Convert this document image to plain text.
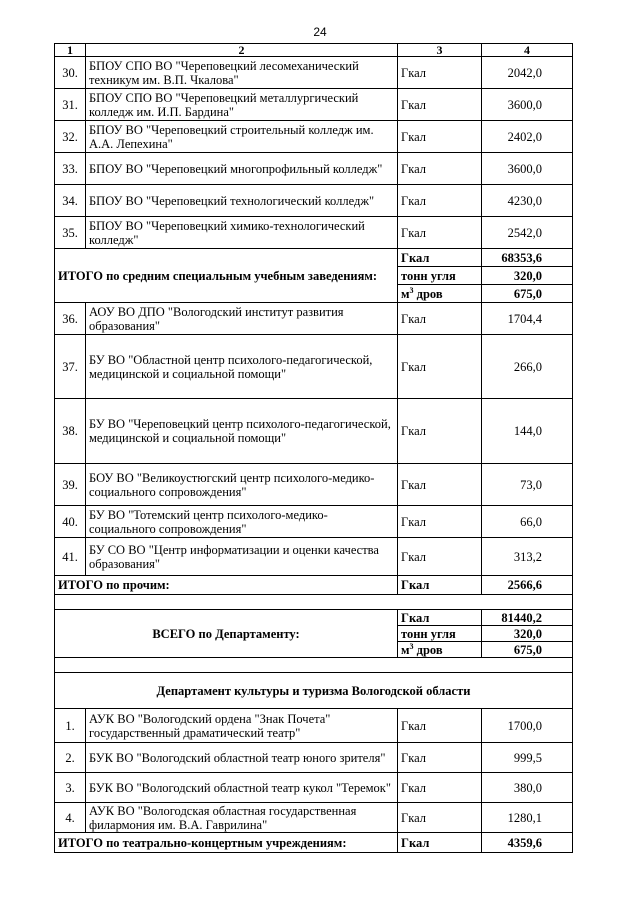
24
1	2	3	4
30.	БПОУ СПО ВО "Череповецкий лесомеханический техникум им. В.П. Чкалова"	Гкал	2042,0
31.	БПОУ СПО ВО "Череповецкий металлургический колледж им. И.П. Бардина"	Гкал	3600,0
32.	БПОУ ВО "Череповецкий строительный колледж им. А.А. Лепехина"	Гкал	2402,0
33.	БПОУ ВО "Череповецкий многопрофильный колледж"	Гкал	3600,0
34.	БПОУ ВО "Череповецкий технологический колледж"	Гкал	4230,0
35.	БПОУ ВО "Череповецкий химико-технологический колледж"	Гкал	2542,0
ИТОГО по средним специальным учебным заведениям:		Гкал	68353,6
		тонн угля	320,0
		$м^3$ дров	675,0
36.	АОУ ВО ДПО "Вологодский институт развития образования"	Гкал	1704,4
37.	БУ ВО "Областной центр психолого-педагогической, медицинской и социальной помощи"	Гкал	266,0
38.	БУ ВО "Череповецкий центр психолого-педагогической, медицинской и социальной помощи"	Гкал	144,0
39.	БОУ ВО "Великоустюгский центр психолого-медико-социального сопровождения"	Гкал	73,0
40.	БУ ВО "Тотемский центр психолого-медико-социального сопровождения"	Гкал	66,0
41.	БУ СО ВО "Центр информатизации и оценки качества образования"	Гкал	313,2
ИТОГО по прочим:		Гкал	2566,6

ВСЕГО по Департаменту:		Гкал	81440,2
		тонн угля	320,0
		$м^3$ дров	675,0

Департамент культуры и туризма Вологодской области			
1.	АУК ВО "Вологодский ордена "Знак Почета" государственный драматический театр"	Гкал	1700,0
2.	БУК ВО "Вологодский областной театр юного зрителя"	Гкал	999,5
3.	БУК ВО "Вологодский областной театр кукол "Теремок"	Гкал	380,0
4.	АУК ВО "Вологодская областная государственная филармония им. В.А. Гаврилина"	Гкал	1280,1
ИТОГО по театрально-концертным учреждениям:		Гкал	4359,6
